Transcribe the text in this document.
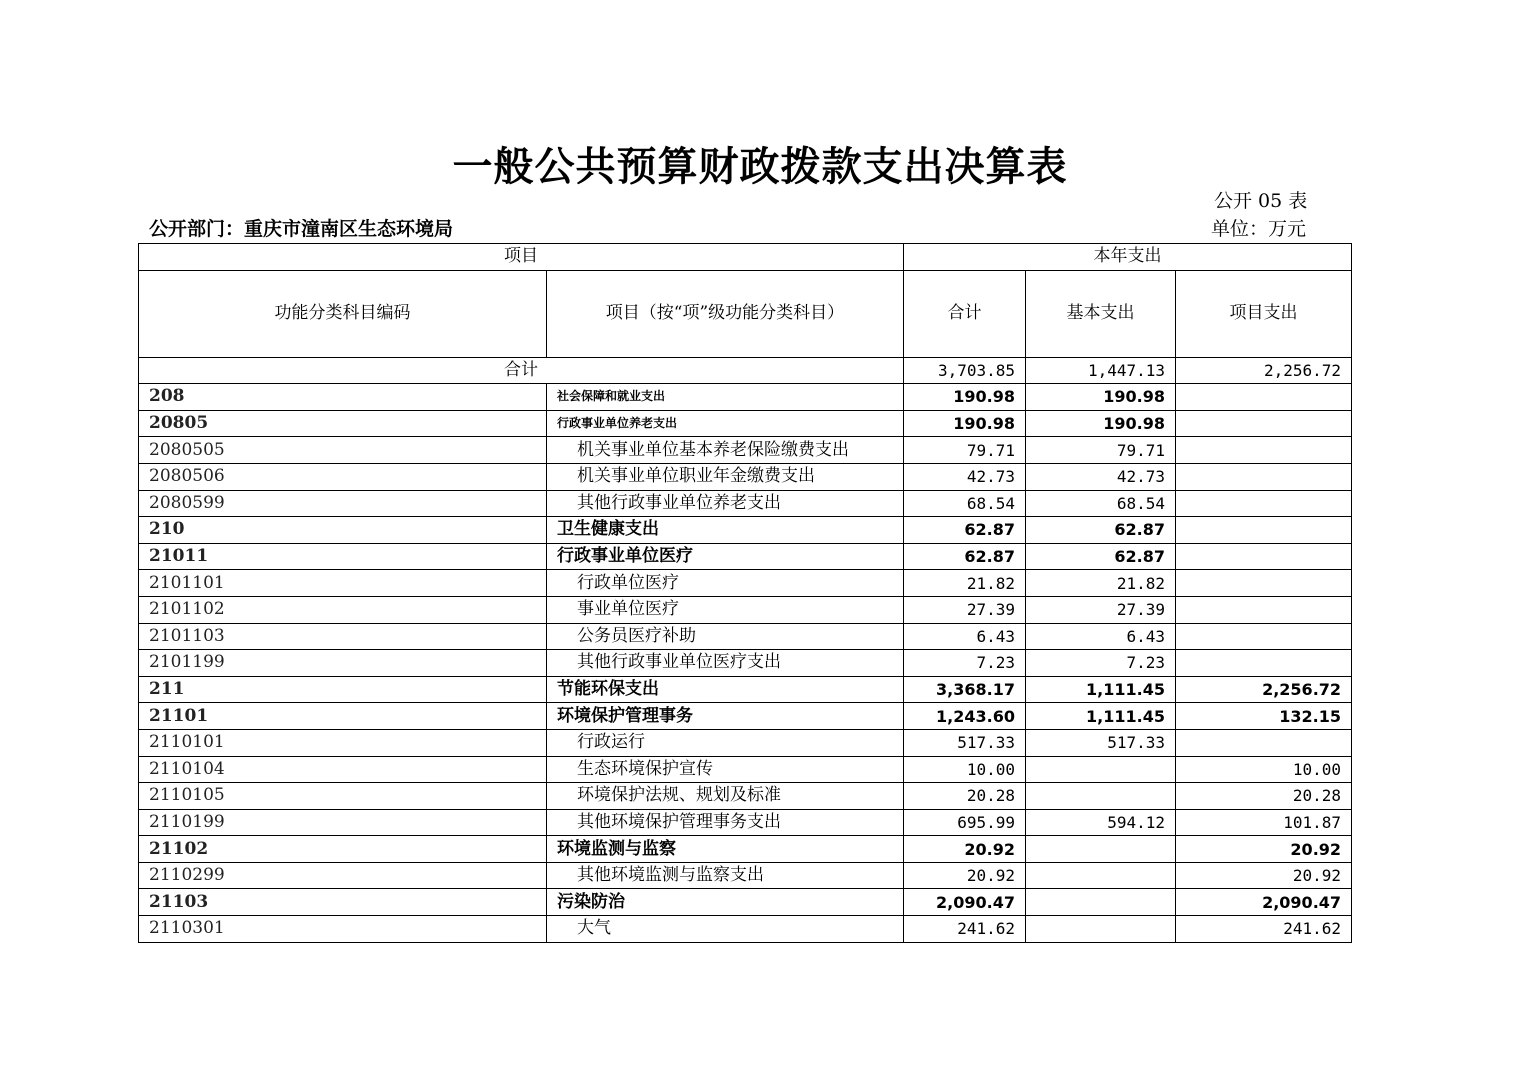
一般公共预算财政拨款支出决算表
公开 05 表
公开部门：重庆市潼南区生态环境局	单位：万元
项目		本年支出		
功能分类科目编码	项目（按“项”级功能分类科目）	合计	基本支出	项目支出
合计		3,703.85	1,447.13	2,256.72
208	社会保障和就业支出	190.98	190.98	
20805	行政事业单位养老支出	190.98	190.98	
2080505	机关事业单位基本养老保险缴费支出	79.71	79.71	
2080506	机关事业单位职业年金缴费支出	42.73	42.73	
2080599	其他行政事业单位养老支出	68.54	68.54	
210	卫生健康支出	62.87	62.87	
21011	行政事业单位医疗	62.87	62.87	
2101101	行政单位医疗	21.82	21.82	
2101102	事业单位医疗	27.39	27.39	
2101103	公务员医疗补助	6.43	6.43	
2101199	其他行政事业单位医疗支出	7.23	7.23	
211	节能环保支出	3,368.17	1,111.45	2,256.72
21101	环境保护管理事务	1,243.60	1,111.45	132.15
2110101	行政运行	517.33	517.33	
2110104	生态环境保护宣传	10.00		10.00
2110105	环境保护法规、规划及标准	20.28		20.28
2110199	其他环境保护管理事务支出	695.99	594.12	101.87
21102	环境监测与监察	20.92		20.92
2110299	其他环境监测与监察支出	20.92		20.92
21103	污染防治	2,090.47		2,090.47
2110301	大气	241.62		241.62
